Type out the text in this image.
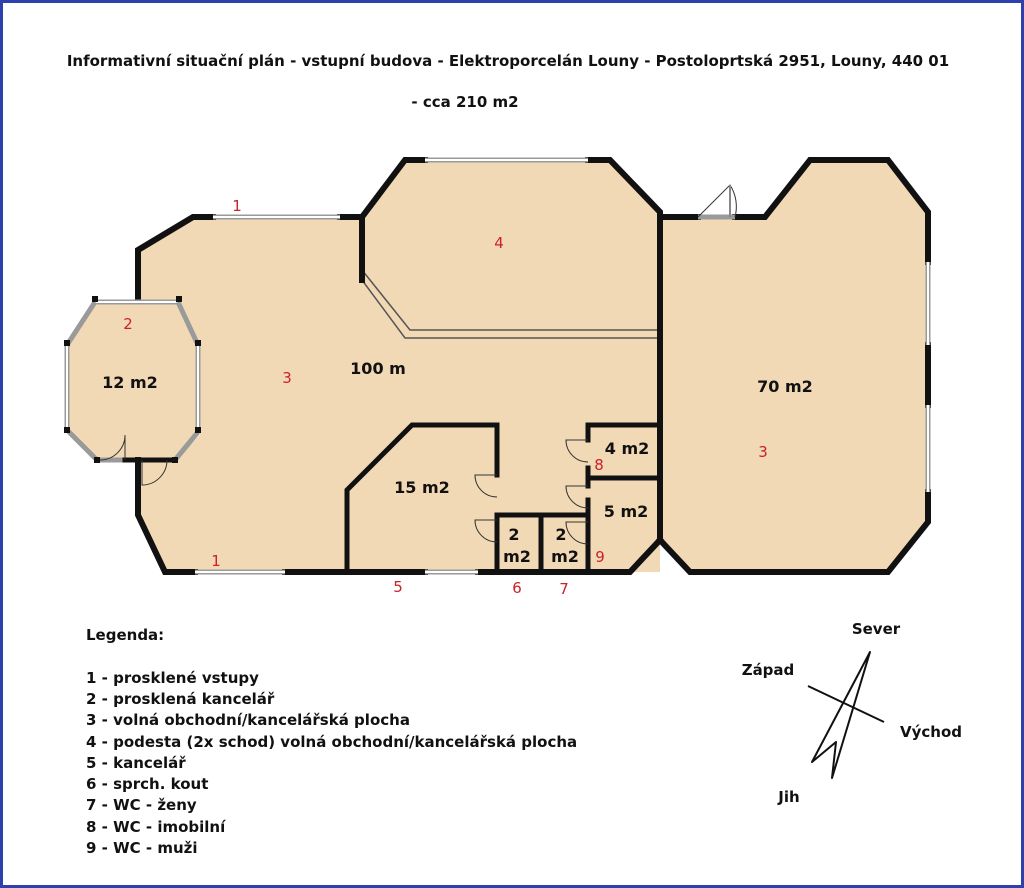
Informativní situační plán - vstupní budova - Elektroporcelán Louny - Postoloprtská 2951, Louny, 440 01
- cca 210 m2
12 m2
100 m
70 m2
15 m2
4 m2
5 m2
2
m2
2
m2
1
1
2
3
3
4
5	6 7
8
9
Legenda:
1 - prosklené vstupy
2 - prosklená kancelář
3 - volná obchodní/kancelářská plocha
4 - podesta (2x schod) volná obchodní/kancelářská plocha
5 - kancelář
6 - sprch. kout
7 - WC - ženy
8 - WC - imobilní
9 - WC - muži
Sever
Západ
Východ
Jih
